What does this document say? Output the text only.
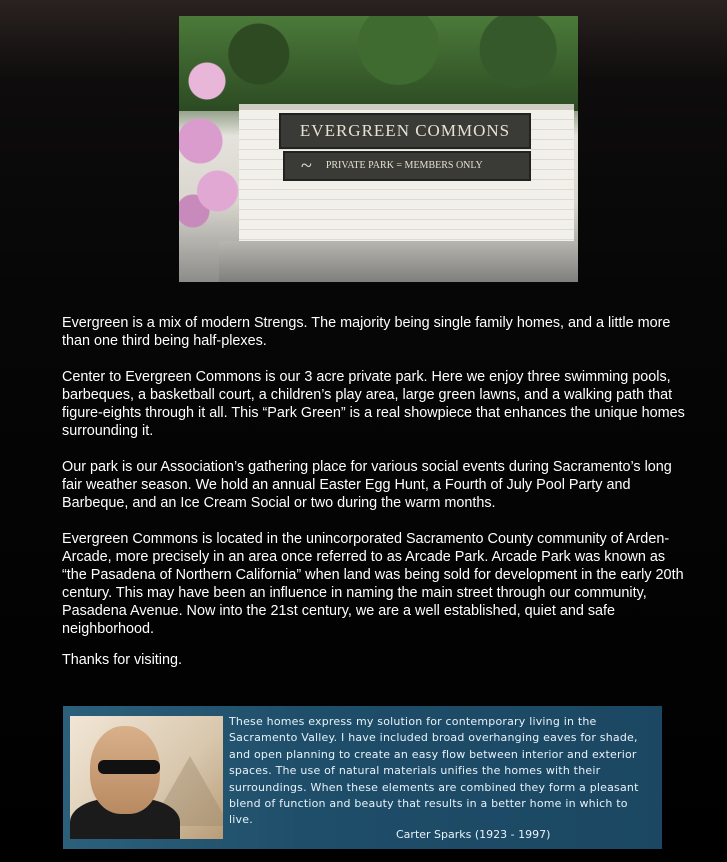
EVERGREEN COMMONS
~ PRIVATE PARK = MEMBERS ONLY

Evergreen is a mix of modern Strengs. The majority being single family homes, and a little more than one third being half-plexes.

Center to Evergreen Commons is our 3 acre private park. Here we enjoy three swimming pools, barbeques, a basketball court, a children’s play area, large green lawns, and a walking path that figure-eights through it all. This “Park Green” is a real showpiece that enhances the unique homes surrounding it.

Our park is our Association’s gathering place for various social events during Sacramento’s long fair weather season. We hold an annual Easter Egg Hunt, a Fourth of July Pool Party and Barbeque, and an Ice Cream Social or two during the warm months.

Evergreen Commons is located in the unincorporated Sacramento County community of Arden-Arcade, more precisely in an area once referred to as Arcade Park. Arcade Park was known as “the Pasadena of Northern California” when land was being sold for development in the early 20th century. This may have been an influence in naming the main street through our community, Pasadena Avenue. Now into the 21st century, we are a well established, quiet and safe neighborhood.

Thanks for visiting.

These homes express my solution for contemporary living in the Sacramento Valley. I have included broad overhanging eaves for shade, and open planning to create an easy flow between interior and exterior spaces. The use of natural materials unifies the homes with their surroundings. When these elements are combined they form a pleasant blend of function and beauty that results in a better home in which to live.
Carter Sparks (1923 - 1997)
